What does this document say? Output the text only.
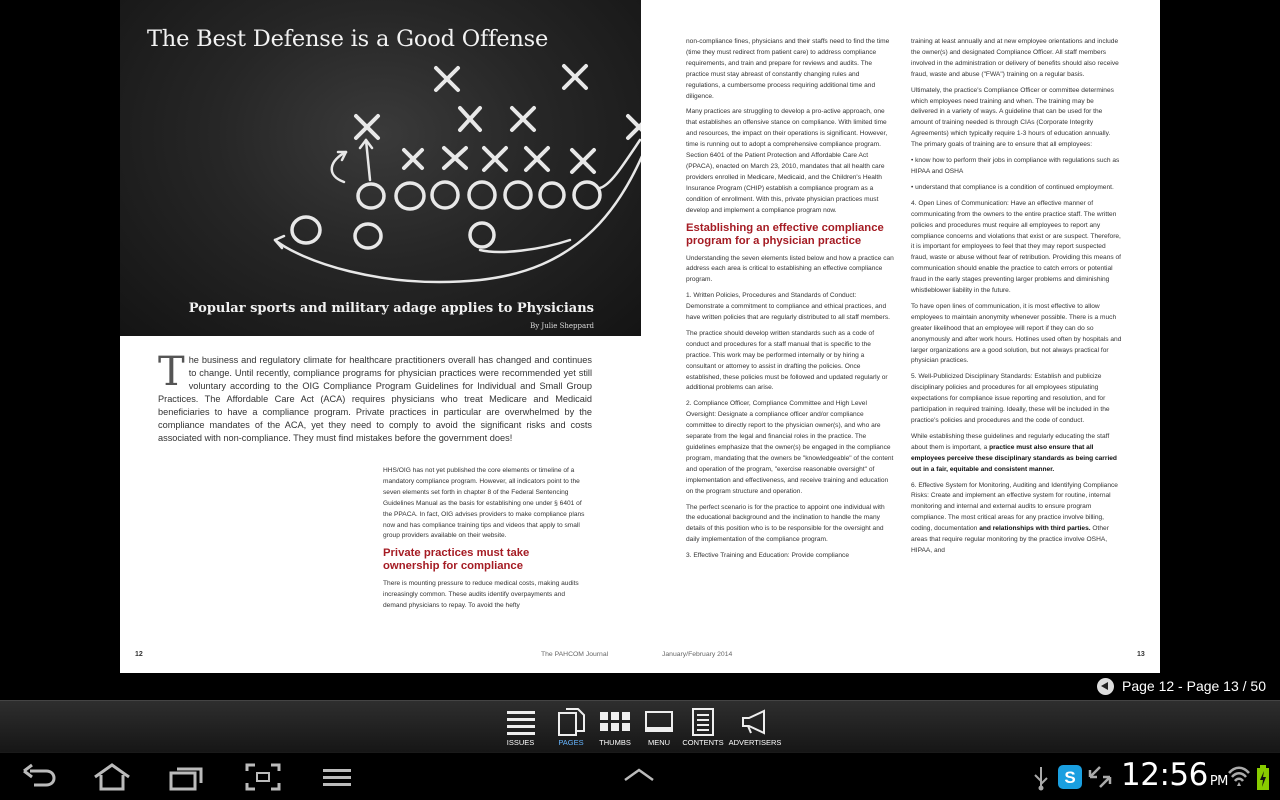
The Best Defense is a Good Offense
Popular sports and military adage applies to Physicians
By Julie Sheppard
The business and regulatory climate for healthcare practitioners overall has changed and continues to change. Until recently, compliance programs for physician practices were recommended yet still voluntary according to the OIG Compliance Program Guidelines for Individual and Small Group Practices. The Affordable Care Act (ACA) requires physicians who treat Medicare and Medicaid beneficiaries to have a compliance program. Private practices in particular are overwhelmed by the compliance mandates of the ACA, yet they need to comply to avoid the significant risks and costs associated with non-compliance. They must find mistakes before the government does!

HHS/OIG has not yet published the core elements or timeline of a mandatory compliance program. However, all indicators point to the seven elements set forth in chapter 8 of the Federal Sentencing Guidelines Manual as the basis for establishing one under § 6401 of the PPACA. In fact, OIG advises providers to make compliance plans now and has compliance training tips and videos that apply to small group providers available on their website.

Private practices must take ownership for compliance

There is mounting pressure to reduce medical costs, making audits increasingly common. These audits identify overpayments and demand physicians to repay. To avoid the hefty

12	The PAHCOM Journal

non-compliance fines, physicians and their staffs need to find the time (time they must redirect from patient care) to address compliance requirements, and train and prepare for reviews and audits. The practice must stay abreast of constantly changing rules and regulations, a cumbersome process requiring additional time and diligence.

Many practices are struggling to develop a pro-active approach, one that establishes an offensive stance on compliance. With limited time and resources, the impact on their operations is significant. However, time is running out to adopt a comprehensive compliance program. Section 6401 of the Patient Protection and Affordable Care Act (PPACA), enacted on March 23, 2010, mandates that all health care providers enrolled in Medicare, Medicaid, and the Children's Health Insurance Program (CHIP) establish a compliance program as a condition of enrollment. With this, private physician practices must develop and implement a compliance program now.

Establishing an effective compliance program for a physician practice

Understanding the seven elements listed below and how a practice can address each area is critical to establishing an effective compliance program.

1. Written Policies, Procedures and Standards of Conduct: Demonstrate a commitment to compliance and ethical practices, and have written policies that are regularly distributed to all staff members.

The practice should develop written standards such as a code of conduct and procedures for a staff manual that is specific to the practice. This work may be performed internally or by hiring a consultant or attorney to assist in drafting the policies. Once established, these policies must be followed and updated regularly or additional problems can arise.

2. Compliance Officer, Compliance Committee and High Level Oversight: Designate a compliance officer and/or compliance committee to directly report to the physician owner(s), and who are separate from the legal and financial roles in the practice. The guidelines emphasize that the owner(s) be engaged in the compliance program, mandating that the owners be "knowledgeable" of the content and operation of the program, "exercise reasonable oversight" of implementation and effectiveness, and receive training and education on the program structure and operation.

The perfect scenario is for the practice to appoint one individual with the educational background and the inclination to handle the many details of this position who is to be responsible for the oversight and daily implementation of the compliance program.

3. Effective Training and Education: Provide compliance

training at least annually and at new employee orientations and include the owner(s) and designated Compliance Officer. All staff members involved in the administration or delivery of benefits should also receive fraud, waste and abuse ("FWA") training on a regular basis.

Ultimately, the practice's Compliance Officer or committee determines which employees need training and when. The training may be delivered in a variety of ways. A guideline that can be used for the amount of training needed is through CIAs (Corporate Integrity Agreements) which typically require 1-3 hours of education annually. The primary goals of training are to ensure that all employees:

• know how to perform their jobs in compliance with regulations such as HIPAA and OSHA

• understand that compliance is a condition of continued employment.

4. Open Lines of Communication: Have an effective manner of communicating from the owners to the entire practice staff. The written policies and procedures must require all employees to report any compliance concerns and violations that exist or are suspect. Therefore, it is important for employees to feel that they may report suspected fraud, waste or abuse without fear of retribution. Providing this means of communication should enable the practice to catch errors or potential fraud in the early stages preventing larger problems and diminishing whistleblower liability in the future.

To have open lines of communication, it is most effective to allow employees to maintain anonymity whenever possible. There is a much greater likelihood that an employee will report if they can do so anonymously and after work hours. Hotlines used often by hospitals and larger organizations are a good solution, but not always practical for physician practices.

5. Well-Publicized Disciplinary Standards: Establish and publicize disciplinary policies and procedures for all employees stipulating expectations for compliance issue reporting and resolution, and for participation in required training. Ideally, these will be included in the practice's policies and procedures and the code of conduct.

While establishing these guidelines and regularly educating the staff about them is important, a practice must also ensure that all employees perceive these disciplinary standards as being carried out in a fair, equitable and consistent manner.

6. Effective System for Monitoring, Auditing and Identifying Compliance Risks: Create and implement an effective system for routine, internal monitoring and internal and external audits to ensure program compliance. The most critical areas for any practice involve billing, coding, documentation and relationships with third parties. Other areas that require regular monitoring by the practice involve OSHA, HIPAA, and

January/February 2014	13
Page 12 - Page 13 / 50
ISSUES	PAGES THUMBS MENU CONTENTS ADVERTISERS
S 12:56 PM
